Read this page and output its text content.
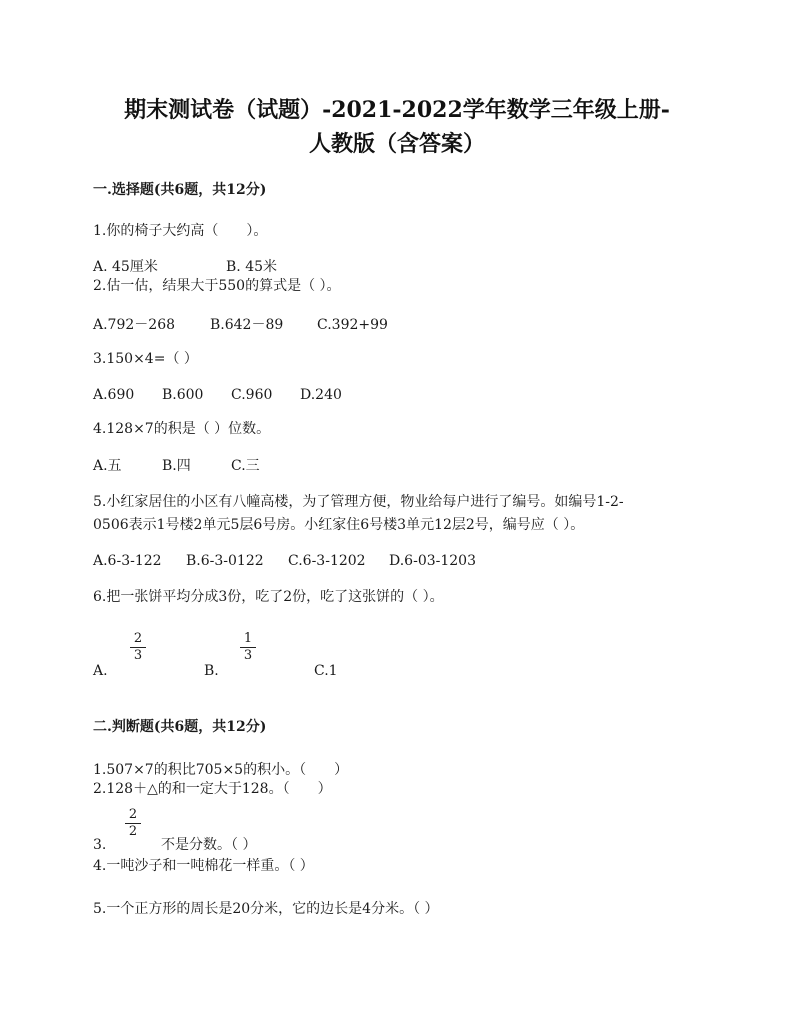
期末测试卷（试题）-2021-2022学年数学三年级上册-
人教版（含答案）
一.选择题(共6题，共12分)
1.你的椅子大约高（　　）。
A. 45厘米	B. 45米
2.估一估，结果大于550的算式是（ ）。
A.792－268 B.642－89 C.392+99
3.150×4=（ ）
A.690 B.600 C.960 D.240
4.128×7的积是（ ）位数。
A.五	B.四	C.三
5.小红家居住的小区有八幢高楼，为了管理方便，物业给每户进行了编号。如编号1-2-
0506表示1号楼2单元5层6号房。小红家住6号楼3单元12层2号，编号应（ ）。
A.6-3-122 B.6-3-0122 C.6-3-1202 D.6-03-1203
6.把一张饼平均分成3份，吃了2份，吃了这张饼的（ ）。
2
3
1
3
A.	B.	C.1
二.判断题(共6题，共12分)
1.507×7的积比705×5的积小。（　　）
2.128＋△的和一定大于128。（　　）
2
2
3.	不是分数。（ ）
4.一吨沙子和一吨棉花一样重。（ ）
5.一个正方形的周长是20分米，它的边长是4分米。（ ）
